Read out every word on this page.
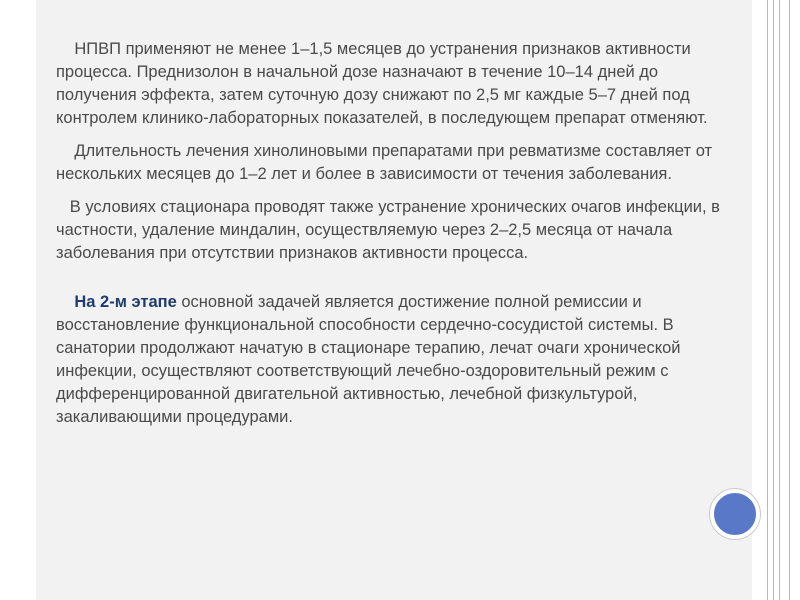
НПВП применяют не менее 1–1,5 месяцев до устранения признаков активности процесса. Преднизолон в начальной дозе назначают в течение 10–14 дней до получения эффекта, затем суточную дозу снижают по 2,5 мг каждые 5–7 дней под контролем клинико-лабораторных показателей, в последующем препарат отменяют.

Длительность лечения хинолиновыми препаратами при ревматизме составляет от нескольких месяцев до 1–2 лет и более в зависимости от течения заболевания.

В условиях стационара проводят также устранение хронических очагов инфекции, в частности, удаление миндалин, осуществляемую через 2–2,5 месяца от начала заболевания при отсутствии признаков активности процесса.

На 2-м этапе основной задачей является достижение полной ремиссии и восстановление функциональной способности сердечно-сосудистой системы. В санатории продолжают начатую в стационаре терапию, лечат очаги хронической инфекции, осуществляют соответствующий лечебно-оздоровительный режим с дифференцированной двигательной активностью, лечебной физкультурой, закаливающими процедурами.
